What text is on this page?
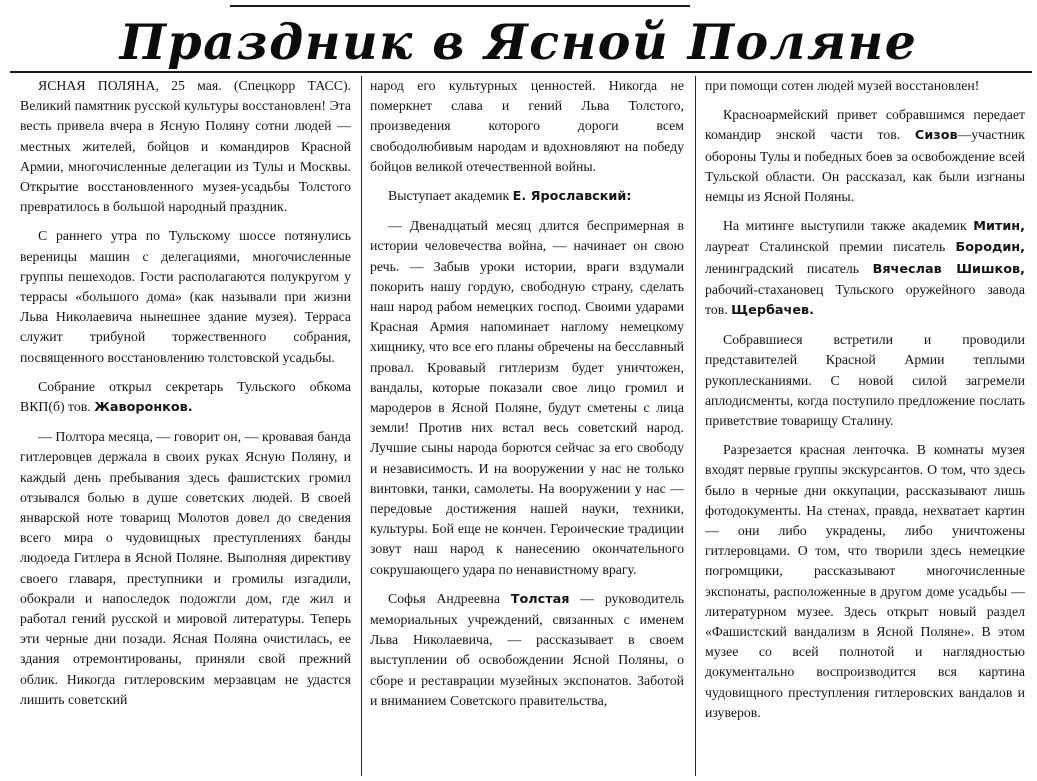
Праздник в Ясной Поляне

ЯСНАЯ ПОЛЯНА, 25 мая. (Спецкорр ТАСС). Великий памятник русской культуры восстановлен! Эта весть привела вчера в Ясную Поляну сотни людей — местных жителей, бойцов и командиров Красной Армии, многочисленные делегации из Тулы и Москвы. Открытие восстановленного музея-усадьбы Толстого превратилось в большой народный праздник.

С раннего утра по Тульскому шоссе потянулись вереницы машин с делегациями, многочисленные группы пешеходов. Гости располагаются полукругом у террасы «большого дома» (как называли при жизни Льва Николаевича нынешнее здание музея). Терраса служит трибуной торжественного собрания, посвященного восстановлению толстовской усадьбы.

Собрание открыл секретарь Тульского обкома ВКП(б) тов. Жаворонков.

— Полтора месяца, — говорит он, — кровавая банда гитлеровцев держала в своих руках Ясную Поляну, и каждый день пребывания здесь фашистских громил отзывался болью в душе советских людей. В своей январской ноте товарищ Молотов довел до сведения всего мира о чудовищных преступлениях банды людоеда Гитлера в Ясной Поляне. Выполняя директиву своего главаря, преступники и громилы изгадили, обокрали и напоследок подожгли дом, где жил и работал гений русской и мировой литературы. Теперь эти черные дни позади. Ясная Поляна очистилась, ее здания отремонтированы, приняли свой прежний облик. Никогда гитлеровским мерзавцам не удастся лишить советский

народ его культурных ценностей. Никогда не померкнет слава и гений Льва Толстого, произведения которого дороги всем свободолюбивым народам и вдохновляют на победу бойцов великой отечественной войны.

Выступает академик Е. Ярославский:

— Двенадцатый месяц длится беспримерная в истории человечества война, — начинает он свою речь. — Забыв уроки истории, враги вздумали покорить нашу гордую, свободную страну, сделать наш народ рабом немецких господ. Своими ударами Красная Армия напоминает наглому немецкому хищнику, что все его планы обречены на бесславный провал. Кровавый гитлеризм будет уничтожен, вандалы, которые показали свое лицо громил и мародеров в Ясной Поляне, будут сметены с лица земли! Против них встал весь советский народ. Лучшие сыны народа борются сейчас за его свободу и независимость. И на вооружении у нас не только винтовки, танки, самолеты. На вооружении у нас — передовые достижения нашей науки, техники, культуры. Бой еще не кончен. Героические традиции зовут наш народ к нанесению окончательного сокрушающего удара по ненавистному врагу.

Софья Андреевна Толстая — руководитель мемориальных учреждений, связанных с именем Льва Николаевича, — рассказывает в своем выступлении об освобождении Ясной Поляны, о сборе и реставрации музейных экспонатов. Заботой и вниманием Советского правительства,

при помощи сотен людей музей восстановлен!

Красноармейский привет собравшимся передает командир энской части тов. Сизов—участник обороны Тулы и победных боев за освобождение всей Тульской области. Он рассказал, как были изгнаны немцы из Ясной Поляны.

На митинге выступили также академик Митин, лауреат Сталинской премии писатель Бородин, ленинградский писатель Вячеслав Шишков, рабочий-стахановец Тульского оружейного завода тов. Щербачев.

Собравшиеся встретили и проводили представителей Красной Армии теплыми рукоплесканиями. С новой силой загремели аплодисменты, когда поступило предложение послать приветствие товарищу Сталину.

Разрезается красная ленточка. В комнаты музея входят первые группы экскурсантов. О том, что здесь было в черные дни оккупации, рассказывают лишь фотодокументы. На стенах, правда, нехватает картин — они либо украдены, либо уничтожены гитлеровцами. О том, что творили здесь немецкие погромщики, рассказывают многочисленные экспонаты, расположенные в другом доме усадьбы — литературном музее. Здесь открыт новый раздел «Фашистский вандализм в Ясной Поляне». В этом музее со всей полнотой и наглядностью документально воспроизводится вся картина чудовищного преступления гитлеровских вандалов и изуверов.
